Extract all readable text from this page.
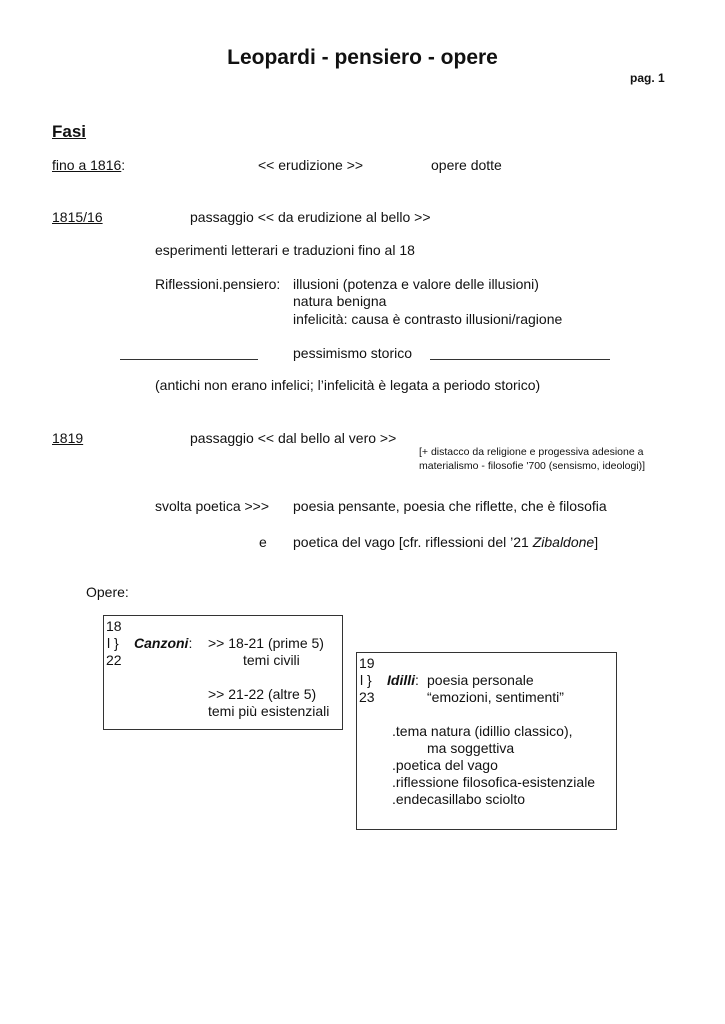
Leopardi - pensiero - opere
pag. 1
Fasi
fino a 1816:	<< erudizione >>	opere dotte
1815/16	passaggio << da erudizione al bello >>
esperimenti letterari e traduzioni fino al 18
Riflessioni.pensiero: illusioni (potenza e valore delle illusioni)
natura benigna
infelicità: causa è contrasto illusioni/ragione
pessimismo storico
(antichi non erano infelici; l’infelicità è legata a periodo storico)
1819	passaggio << dal bello al vero >>
[+ distacco da religione e progessiva adesione a
materialismo - filosofie '700 (sensismo, ideologi)]
svolta poetica >>> poesia pensante, poesia che riflette, che è filosofia
e poetica del vago [cfr. riflessioni del ’21 Zibaldone]
Opere:
18
l } Canzoni: >> 18-21 (prime 5)
22	temi civili
>> 21-22 (altre 5)
temi più esistenziali
19
l } Idilli: poesia personale
23	“emozioni, sentimenti”
.tema natura (idillio classico),
ma soggettiva
.poetica del vago
.riflessione filosofica-esistenziale
.endecasillabo sciolto
